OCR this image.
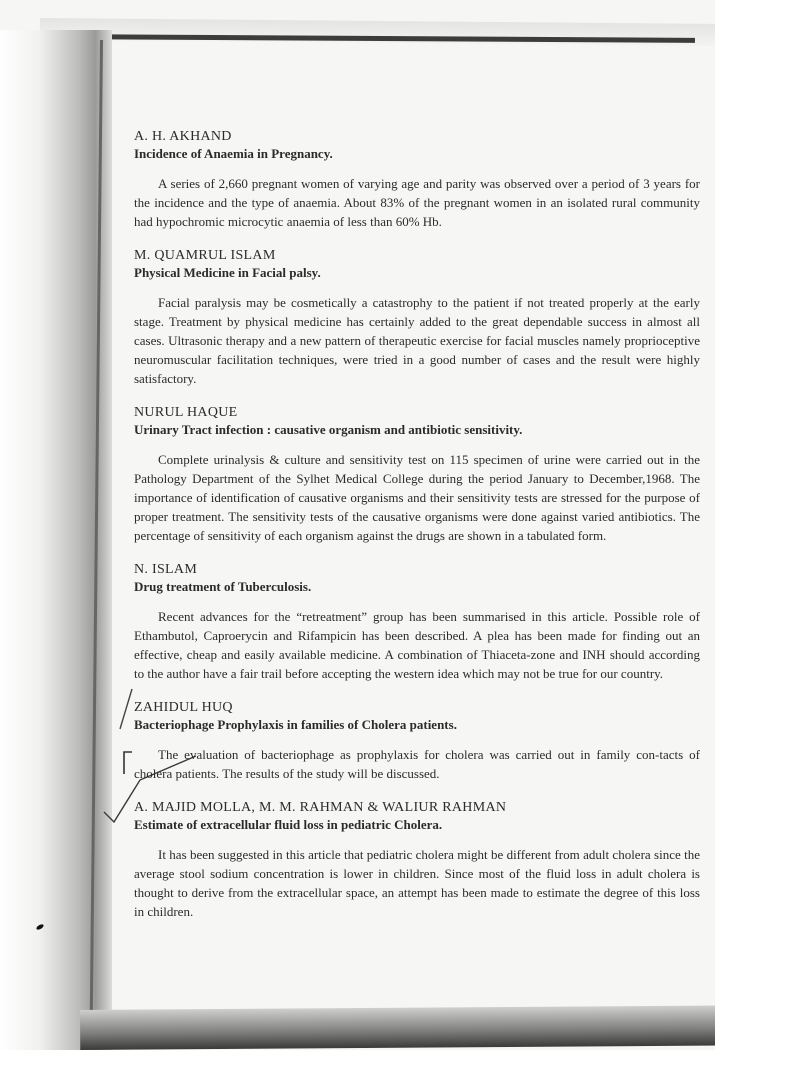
A. H. AKHAND

Incidence of Anaemia in Pregnancy.

A series of 2,660 pregnant women of varying age and parity was observed over a period of 3 years for the incidence and the type of anaemia. About 83% of the pregnant women in an isolated rural community had hypochromic microcytic anaemia of less than 60% Hb.

M. QUAMRUL ISLAM

Physical Medicine in Facial palsy.

Facial paralysis may be cosmetically a catastrophy to the patient if not treated properly at the early stage. Treatment by physical medicine has certainly added to the great dependable success in almost all cases. Ultrasonic therapy and a new pattern of therapeutic exercise for facial muscles namely proprioceptive neuromuscular facilitation techniques, were tried in a good number of cases and the result were highly satisfactory.

NURUL HAQUE

Urinary Tract infection : causative organism and antibiotic sensitivity.

Complete urinalysis & culture and sensitivity test on 115 specimen of urine were carried out in the Pathology Department of the Sylhet Medical College during the period January to December,1968. The importance of identification of causative organisms and their sensitivity tests are stressed for the purpose of proper treatment. The sensitivity tests of the causative organisms were done against varied antibiotics. The percentage of sensitivity of each organism against the drugs are shown in a tabulated form.

N. ISLAM

Drug treatment of Tuberculosis.

Recent advances for the “retreatment” group has been summarised in this article. Possible role of Ethambutol, Caproerycin and Rifampicin has been described. A plea has been made for finding out an effective, cheap and easily available medicine. A combination of Thiaceta-zone and INH should according to the author have a fair trail before accepting the western idea which may not be true for our country.

ZAHIDUL HUQ

Bacteriophage Prophylaxis in families of Cholera patients.

The evaluation of bacteriophage as prophylaxis for cholera was carried out in family con-tacts of cholera patients. The results of the study will be discussed.

A. MAJID MOLLA, M. M. RAHMAN & WALIUR RAHMAN

Estimate of extracellular fluid loss in pediatric Cholera.

It has been suggested in this article that pediatric cholera might be different from adult cholera since the average stool sodium concentration is lower in children. Since most of the fluid loss in adult cholera is thought to derive from the extracellular space, an attempt has been made to estimate the degree of this loss in children.
